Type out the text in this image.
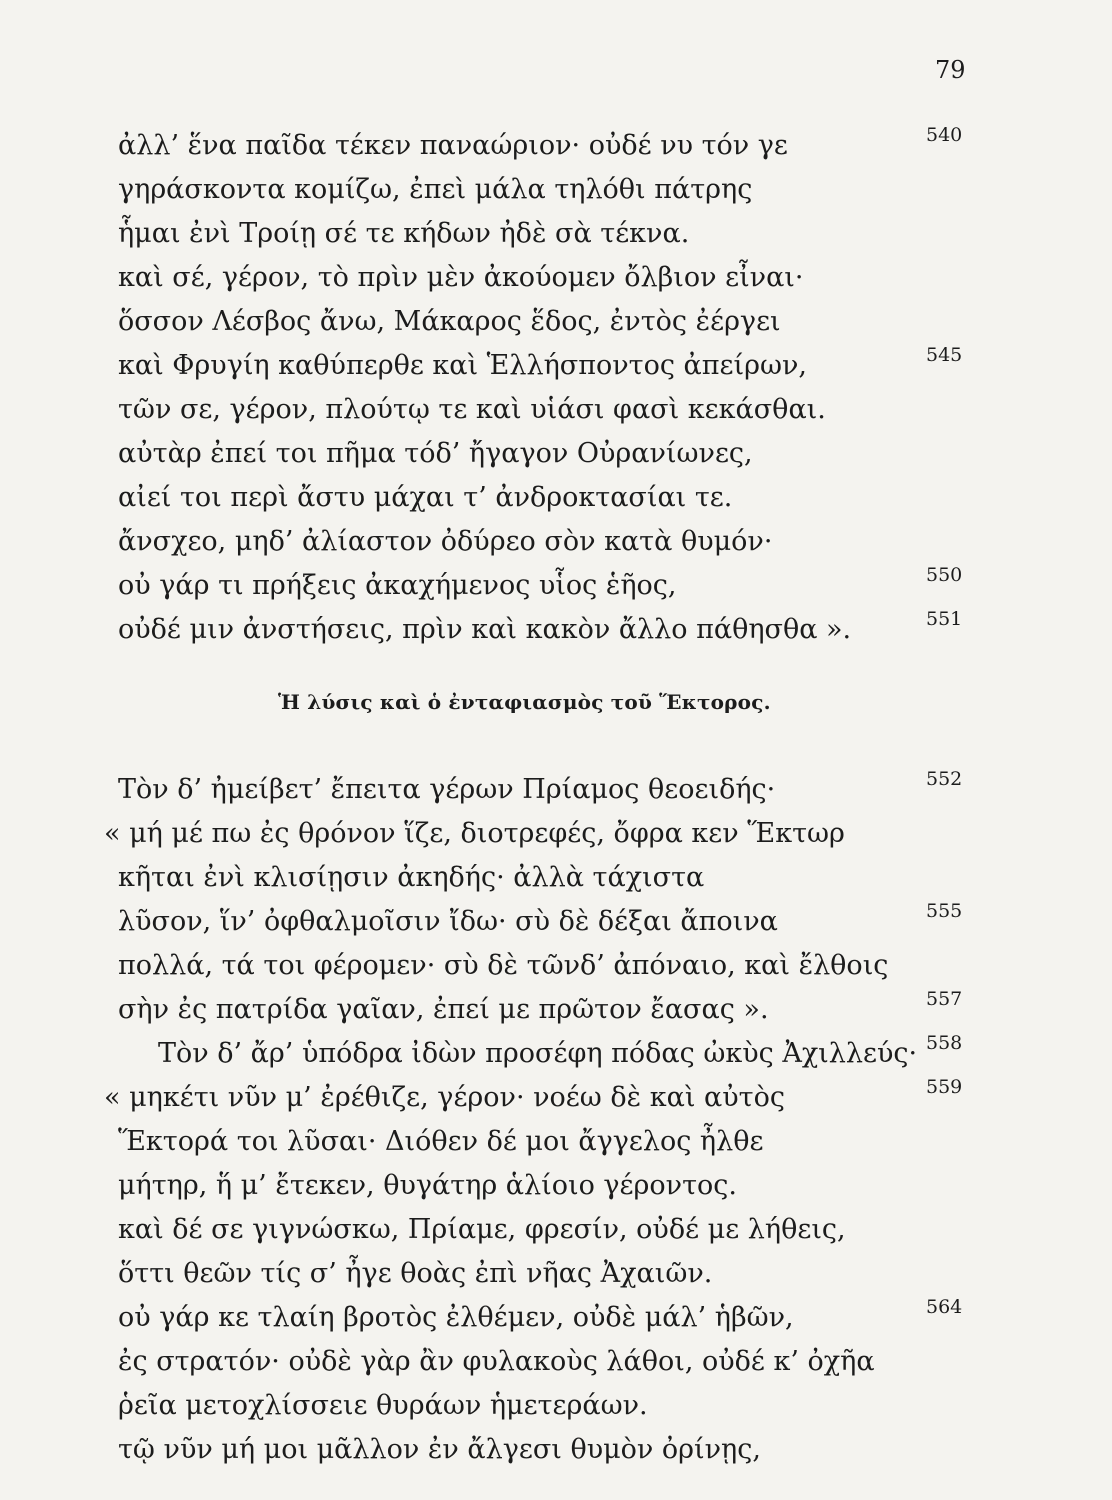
79
ἀλλ’ ἕνα παῖδα τέκεν παναώριον· οὐδέ νυ τόν γε	540
γηράσκοντα κομίζω, ἐπεὶ μάλα τηλόθι πάτρης
ἧμαι ἐνὶ Τροίῃ σέ τε κήδων ἠδὲ σὰ τέκνα.
καὶ σέ, γέρον, τὸ πρὶν μὲν ἀκούομεν ὄλβιον εἶναι·
ὅσσον Λέσβος ἄνω, Μάκαρος ἕδος, ἐντὸς ἐέργει
καὶ Φρυγίη καθύπερθε καὶ Ἑλλήσποντος ἀπείρων,	545
τῶν σε, γέρον, πλούτῳ τε καὶ υἱάσι φασὶ κεκάσθαι.
αὐτὰρ ἐπεί τοι πῆμα τόδ’ ἤγαγον Οὐρανίωνες,
αἰεί τοι περὶ ἄστυ μάχαι τ’ ἀνδροκτασίαι τε.
ἄνσχεο, μηδ’ ἀλίαστον ὀδύρεο σὸν κατὰ θυμόν·
οὐ γάρ τι πρήξεις ἀκαχήμενος υἷος ἑῆος,	550
οὐδέ μιν ἀνστήσεις, πρὶν καὶ κακὸν ἄλλο πάθησθα ».	551
Ἡ λύσις καὶ ὁ ἐνταφιασμὸς τοῦ Ἕκτορος.
Τὸν δ’ ἠμείβετ’ ἔπειτα γέρων Πρίαμος θεοειδής·	552
« μή μέ πω ἐς θρόνον ἵζε, διοτρεφές, ὄφρα κεν Ἕκτωρ
κῆται ἐνὶ κλισίῃσιν ἀκηδής· ἀλλὰ τάχιστα
λῦσον, ἵν’ ὀφθαλμοῖσιν ἴδω· σὺ δὲ δέξαι ἄποινα	555
πολλά, τά τοι φέρομεν· σὺ δὲ τῶνδ’ ἀπόναιο, καὶ ἔλθοις
σὴν ἐς πατρίδα γαῖαν, ἐπεί με πρῶτον ἔασας ».	557
Τὸν δ’ ἄρ’ ὑπόδρα ἰδὼν προσέφη πόδας ὠκὺς Ἀχιλλεύς· 558
« μηκέτι νῦν μ’ ἐρέθιζε, γέρον· νοέω δὲ καὶ αὐτὸς	559
Ἕκτορά τοι λῦσαι· Διόθεν δέ μοι ἄγγελος ἦλθε
μήτηρ, ἥ μ’ ἔτεκεν, θυγάτηρ ἁλίοιο γέροντος.
καὶ δέ σε γιγνώσκω, Πρίαμε, φρεσίν, οὐδέ με λήθεις,
ὅττι θεῶν τίς σ’ ἦγε θοὰς ἐπὶ νῆας Ἀχαιῶν.
οὐ γάρ κε τλαίη βροτὸς ἐλθέμεν, οὐδὲ μάλ’ ἡβῶν,	564
ἐς στρατόν· οὐδὲ γὰρ ἂν φυλακοὺς λάθοι, οὐδέ κ’ ὀχῆα
ῥεῖα μετοχλίσσειε θυράων ἡμετεράων.
τῷ νῦν μή μοι μᾶλλον ἐν ἄλγεσι θυμὸν ὀρίνῃς,
